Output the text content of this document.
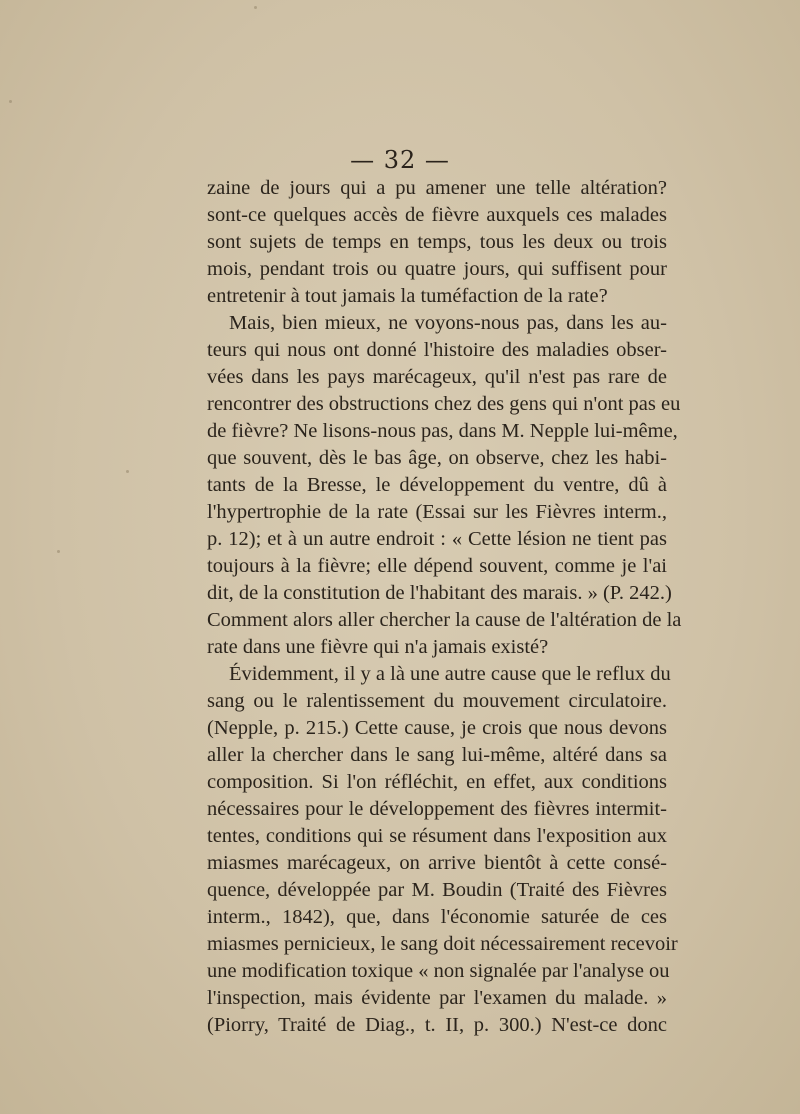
— 32 —
zaine de jours qui a pu amener une telle altération?
sont-ce quelques accès de fièvre auxquels ces malades
sont sujets de temps en temps, tous les deux ou trois
mois, pendant trois ou quatre jours, qui suffisent pour
entretenir à tout jamais la tuméfaction de la rate?
Mais, bien mieux, ne voyons-nous pas, dans les au-
teurs qui nous ont donné l'histoire des maladies obser-
vées dans les pays marécageux, qu'il n'est pas rare de
rencontrer des obstructions chez des gens qui n'ont pas eu
de fièvre? Ne lisons-nous pas, dans M. Nepple lui-même,
que souvent, dès le bas âge, on observe, chez les habi-
tants de la Bresse, le développement du ventre, dû à
l'hypertrophie de la rate (Essai sur les Fièvres interm.,
p. 12); et à un autre endroit : « Cette lésion ne tient pas
toujours à la fièvre; elle dépend souvent, comme je l'ai
dit, de la constitution de l'habitant des marais. » (P. 242.)
Comment alors aller chercher la cause de l'altération de la
rate dans une fièvre qui n'a jamais existé?
Évidemment, il y a là une autre cause que le reflux du
sang ou le ralentissement du mouvement circulatoire.
(Nepple, p. 215.) Cette cause, je crois que nous devons
aller la chercher dans le sang lui-même, altéré dans sa
composition. Si l'on réfléchit, en effet, aux conditions
nécessaires pour le développement des fièvres intermit-
tentes, conditions qui se résument dans l'exposition aux
miasmes marécageux, on arrive bientôt à cette consé-
quence, développée par M. Boudin (Traité des Fièvres
interm., 1842), que, dans l'économie saturée de ces
miasmes pernicieux, le sang doit nécessairement recevoir
une modification toxique « non signalée par l'analyse ou
l'inspection, mais évidente par l'examen du malade. »
(Piorry, Traité de Diag., t. II, p. 300.) N'est-ce donc
